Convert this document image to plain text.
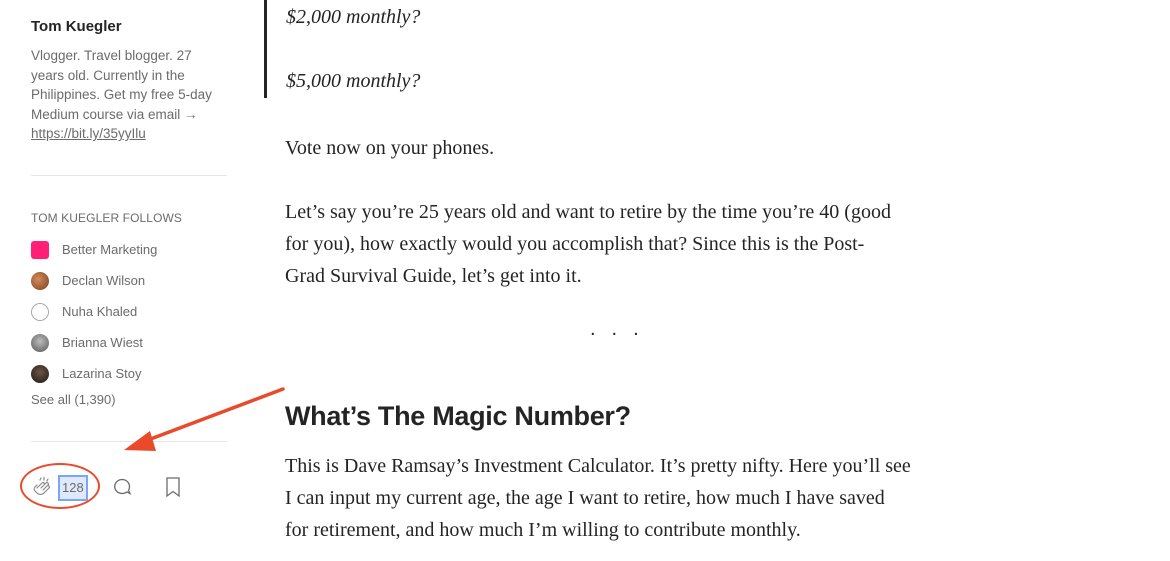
Tom Kuegler
Vlogger. Travel blogger. 27
years old. Currently in the
Philippines. Get my free 5-day
Medium course via email →
https://bit.ly/35yyIlu
TOM KUEGLER FOLLOWS
Better Marketing
Declan Wilson
Nuha Khaled
Brianna Wiest
Lazarina Stoy
See all (1,390)
128
$2,000 monthly?
$5,000 monthly?
Vote now on your phones.
Let’s say you’re 25 years old and want to retire by the time you’re 40 (good
for you), how exactly would you accomplish that? Since this is the Post-
Grad Survival Guide, let’s get into it.
...
What’s The Magic Number?
This is Dave Ramsay’s Investment Calculator. It’s pretty nifty. Here you’ll see
I can input my current age, the age I want to retire, how much I have saved
for retirement, and how much I’m willing to contribute monthly.
